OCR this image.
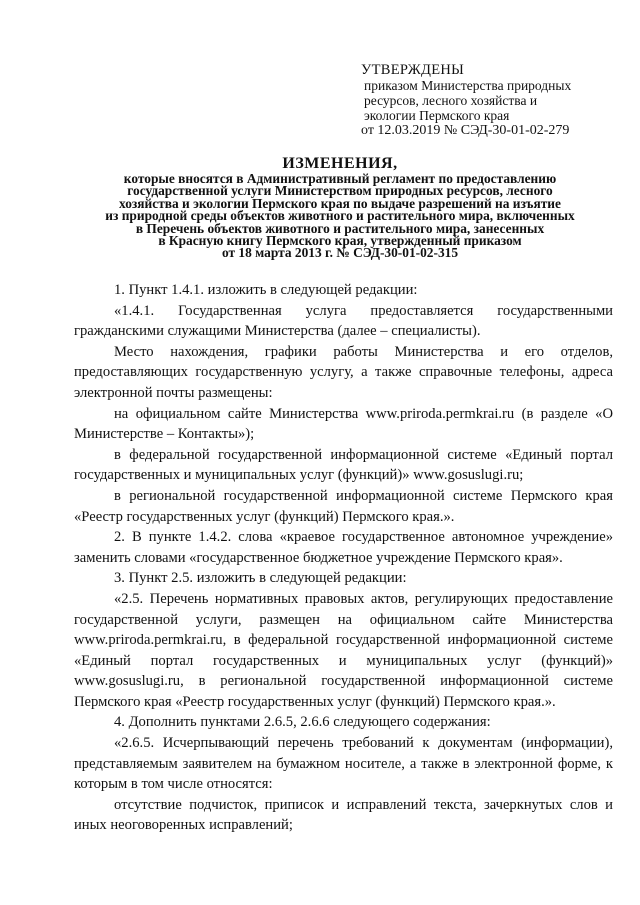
УТВЕРЖДЕНЫ
приказом Министерства природных
ресурсов, лесного хозяйства и
экологии Пермского края
от 12.03.2019 № СЭД-30-01-02-279
ИЗМЕНЕНИЯ,
которые вносятся в Административный регламент по предоставлению
государственной услуги Министерством природных ресурсов, лесного
хозяйства и экологии Пермского края по выдаче разрешений на изъятие
из природной среды объектов животного и растительного мира, включенных
в Перечень объектов животного и растительного мира, занесенных
в Красную книгу Пермского края, утвержденный приказом
от 18 марта 2013 г. № СЭД-30-01-02-315

1. Пункт 1.4.1. изложить в следующей редакции:

«1.4.1. Государственная услуга предоставляется государственными гражданскими служащими Министерства (далее – специалисты).

Место нахождения, графики работы Министерства и его отделов, предоставляющих государственную услугу, а также справочные телефоны, адреса электронной почты размещены:

на официальном сайте Министерства www.priroda.permkrai.ru (в разделе «О Министерстве – Контакты»);

в федеральной государственной информационной системе «Единый портал государственных и муниципальных услуг (функций)» www.gosuslugi.ru;

в региональной государственной информационной системе Пермского края «Реестр государственных услуг (функций) Пермского края.».

2. В пункте 1.4.2. слова «краевое государственное автономное учреждение» заменить словами «государственное бюджетное учреждение Пермского края».

3. Пункт 2.5. изложить в следующей редакции:

«2.5. Перечень нормативных правовых актов, регулирующих предоставление государственной услуги, размещен на официальном сайте Министерства www.priroda.permkrai.ru, в федеральной государственной информационной системе «Единый портал государственных и муниципальных услуг (функций)» www.gosuslugi.ru, в региональной государственной информационной системе Пермского края «Реестр государственных услуг (функций) Пермского края.».

4. Дополнить пунктами 2.6.5, 2.6.6 следующего содержания:

«2.6.5. Исчерпывающий перечень требований к документам (информации), представляемым заявителем на бумажном носителе, а также в электронной форме, к которым в том числе относятся:

отсутствие подчисток, приписок и исправлений текста, зачеркнутых слов и иных неоговоренных исправлений;
